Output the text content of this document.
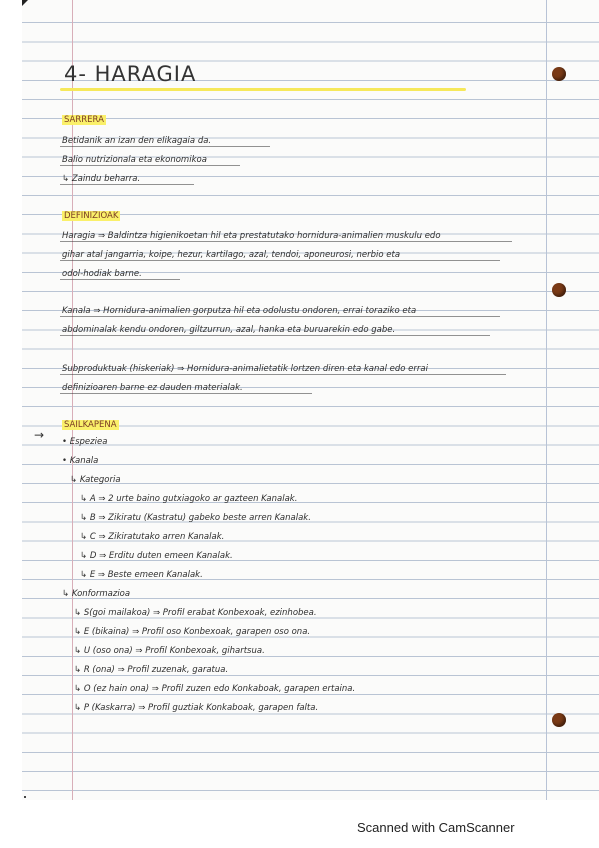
4- HARAGIA
SARRERA
Betidanik an izan den elikagaia da.
Balio nutrizionala eta ekonomikoa
↳ Zaindu beharra.
DEFINIZIOAK
Haragia ⇒ Baldintza higienikoetan hil eta prestatutako hornidura-animalien muskulu edo
gihar atal jangarria, koipe, hezur, kartilago, azal, tendoi, aponeurosi, nerbio eta
odol-hodiak barne.
Kanala ⇒ Hornidura-animalien gorputza hil eta odolustu ondoren, errai toraziko eta
abdominalak kendu ondoren, giltzurrun, azal, hanka eta buruarekin edo gabe.
Subproduktuak (hiskeriak) ⇒ Hornidura-animalietatik lortzen diren eta kanal edo errai
definizioaren barne ez dauden materialak.
SAILKAPENA
→ • Espeziea
• Kanala
↳ Kategoria
↳ A ⇒ 2 urte baino gutxiagoko ar gazteen Kanalak.
↳ B ⇒ Zikiratu (Kastratu) gabeko beste arren Kanalak.
↳ C ⇒ Zikiratutako arren Kanalak.
↳ D ⇒ Erditu duten emeen Kanalak.
↳ E ⇒ Beste emeen Kanalak.
↳ Konformazioa
↳ S(goi mailakoa) ⇒ Profil erabat Konbexoak, ezinhobea.
↳ E (bikaina) ⇒ Profil oso Konbexoak, garapen oso ona.
↳ U (oso ona) ⇒ Profil Konbexoak, gihartsua.
↳ R (ona) ⇒ Profil zuzenak, garatua.
↳ O (ez hain ona) ⇒ Profil zuzen edo Konkaboak, garapen ertaina.
↳ P (Kaskarra) ⇒ Profil guztiak Konkaboak, garapen falta.
Scanned with CamScanner
